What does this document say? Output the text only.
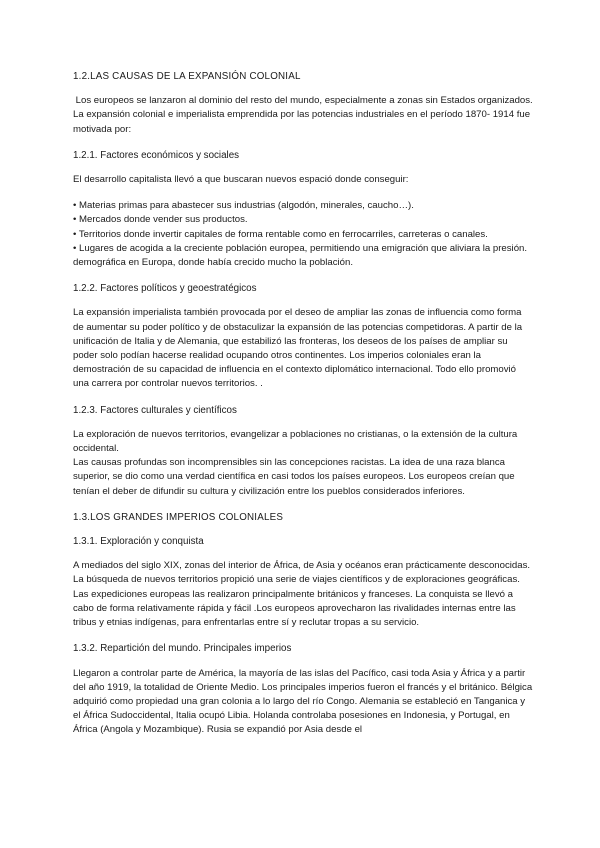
1.2.LAS CAUSAS DE LA EXPANSIÓN COLONIAL

Los europeos se lanzaron al dominio del resto del mundo, especialmente a zonas sin Estados organizados. La expansión colonial e imperialista emprendida por las potencias industriales en el período 1870- 1914 fue motivada por:

1.2.1. Factores económicos y sociales

El desarrollo capitalista llevó a que buscaran nuevos espació donde conseguir:

• Materias primas para abastecer sus industrias (algodón, minerales, caucho…).
• Mercados donde vender sus productos.
• Territorios donde invertir capitales de forma rentable como en ferrocarriles, carreteras o canales.
• Lugares de acogida a la creciente población europea, permitiendo una emigración que aliviara la presión. demográfica en Europa, donde había crecido mucho la población.
1.2.2. Factores políticos y geoestratégicos

La expansión imperialista también provocada por el deseo de ampliar las zonas de influencia como forma de aumentar su poder político y de obstaculizar la expansión de las potencias competidoras. A partir de la unificación de Italia y de Alemania, que estabilizó las fronteras, los deseos de los países de ampliar su poder solo podían hacerse realidad ocupando otros continentes. Los imperios coloniales eran la demostración de su capacidad de influencia en el contexto diplomático internacional. Todo ello promovió una carrera por controlar nuevos territorios. .

1.2.3. Factores culturales y científicos

La exploración de nuevos territorios, evangelizar a poblaciones no cristianas, o la extensión de la cultura occidental.

Las causas profundas son incomprensibles sin las concepciones racistas. La idea de una raza blanca superior, se dio como una verdad científica en casi todos los países europeos. Los europeos creían que tenían el deber de difundir su cultura y civilización entre los pueblos considerados inferiores.

1.3.LOS GRANDES IMPERIOS COLONIALES
1.3.1. Exploración y conquista

A mediados del siglo XIX, zonas del interior de África, de Asia y océanos eran prácticamente desconocidas. La búsqueda de nuevos territorios propició una serie de viajes científicos y de exploraciones geográficas. Las expediciones europeas las realizaron principalmente británicos y franceses. La conquista se llevó a cabo de forma relativamente rápida y fácil .Los europeos aprovecharon las rivalidades internas entre las tribus y etnias indígenas, para enfrentarlas entre sí y reclutar tropas a su servicio.

1.3.2. Repartición del mundo. Principales imperios

Llegaron a controlar parte de América, la mayoría de las islas del Pacífico, casi toda Asia y África y a partir del año 1919, la totalidad de Oriente Medio. Los principales imperios fueron el francés y el británico. Bélgica adquirió como propiedad una gran colonia a lo largo del río Congo. Alemania se estableció en Tanganica y el África Sudoccidental, Italia ocupó Libia. Holanda controlaba posesiones en Indonesia, y Portugal, en África (Angola y Mozambique). Rusia se expandió por Asia desde el
